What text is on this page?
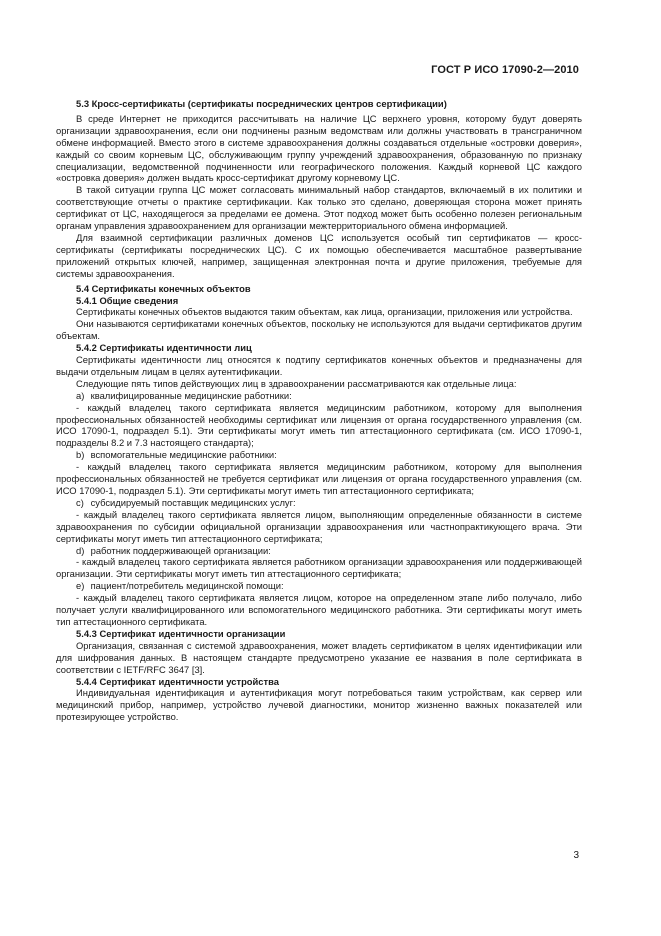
ГОСТ Р ИСО 17090-2—2010
5.3 Кросс-сертификаты (сертификаты посреднических центров сертификации)
В среде Интернет не приходится рассчитывать на наличие ЦС верхнего уровня, которому будут доверять организации здравоохранения, если они подчинены разным ведомствам или должны участвовать в трансграничном обмене информацией. Вместо этого в системе здравоохранения должны создаваться отдельные «островки доверия», каждый со своим корневым ЦС, обслуживающим группу учреждений здравоохранения, образованную по признаку специализации, ведомственной подчиненности или географического положения. Каждый корневой ЦС каждого «островка доверия» должен выдать кросс-сертификат другому корневому ЦС.
В такой ситуации группа ЦС может согласовать минимальный набор стандартов, включаемый в их политики и соответствующие отчеты о практике сертификации. Как только это сделано, доверяющая сторона может принять сертификат от ЦС, находящегося за пределами ее домена. Этот подход может быть особенно полезен региональным органам управления здравоохранением для организации межтерриториального обмена информацией.
Для взаимной сертификации различных доменов ЦС используется особый тип сертификатов — кросс-сертификаты (сертификаты посреднических ЦС). С их помощью обеспечивается масштабное развертывание приложений открытых ключей, например, защищенная электронная почта и другие приложения, требуемые для системы здравоохранения.
5.4 Сертификаты конечных объектов
5.4.1 Общие сведения
Сертификаты конечных объектов выдаются таким объектам, как лица, организации, приложения или устройства.
Они называются сертификатами конечных объектов, поскольку не используются для выдачи сертификатов другим объектам.
5.4.2 Сертификаты идентичности лиц
Сертификаты идентичности лиц относятся к подтипу сертификатов конечных объектов и предназначены для выдачи отдельным лицам в целях аутентификации.
Следующие пять типов действующих лиц в здравоохранении рассматриваются как отдельные лица:
a) квалифицированные медицинские работники:
- каждый владелец такого сертификата является медицинским работником, которому для выполнения профессиональных обязанностей необходимы сертификат или лицензия от органа государственного управления (см. ИСО 17090-1, подраздел 5.1). Эти сертификаты могут иметь тип аттестационного сертификата (см. ИСО 17090-1, подразделы 8.2 и 7.3 настоящего стандарта);
b) вспомогательные медицинские работники:
- каждый владелец такого сертификата является медицинским работником, которому для выполнения профессиональных обязанностей не требуется сертификат или лицензия от органа государственного управления (см. ИСО 17090-1, подраздел 5.1). Эти сертификаты могут иметь тип аттестационного сертификата;
c) субсидируемый поставщик медицинских услуг:
- каждый владелец такого сертификата является лицом, выполняющим определенные обязанности в системе здравоохранения по субсидии официальной организации здравоохранения или частнопрактикующего врача. Эти сертификаты могут иметь тип аттестационного сертификата;
d) работник поддерживающей организации:
- каждый владелец такого сертификата является работником организации здравоохранения или поддерживающей организации. Эти сертификаты могут иметь тип аттестационного сертификата;
e) пациент/потребитель медицинской помощи:
- каждый владелец такого сертификата является лицом, которое на определенном этапе либо получало, либо получает услуги квалифицированного или вспомогательного медицинского работника. Эти сертификаты могут иметь тип аттестационного сертификата.
5.4.3 Сертификат идентичности организации
Организация, связанная с системой здравоохранения, может владеть сертификатом в целях идентификации или для шифрования данных. В настоящем стандарте предусмотрено указание ее названия в поле сертификата в соответствии с IETF/RFC 3647 [3].
5.4.4 Сертификат идентичности устройства
Индивидуальная идентификация и аутентификация могут потребоваться таким устройствам, как сервер или медицинский прибор, например, устройство лучевой диагностики, монитор жизненно важных показателей или протезирующее устройство.
3
